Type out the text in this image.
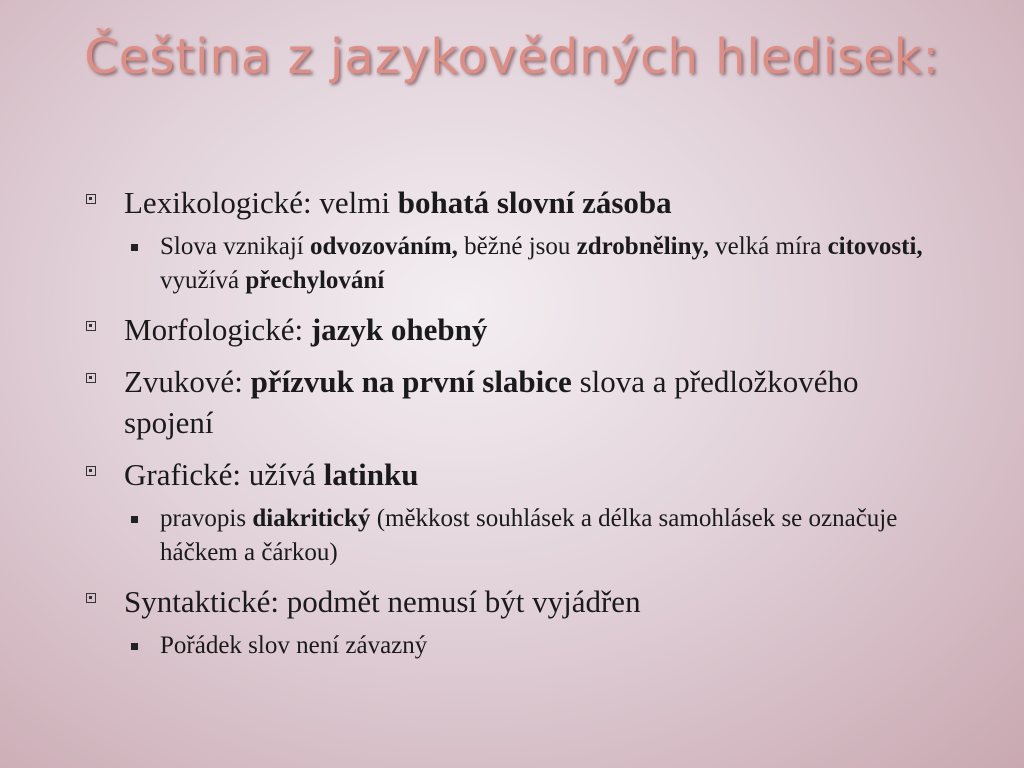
Čeština z jazykovědných hledisek:
Lexikologické: velmi bohatá slovní zásoba
Slova vznikají odvozováním, běžné jsou zdrobněliny, velká míra citovosti, využívá přechylování
Morfologické: jazyk ohebný
Zvukové: přízvuk na první slabice slova a předložkového spojení
Grafické: užívá latinku
pravopis diakritický (měkkost souhlásek a délka samohlásek se označuje háčkem a čárkou)
Syntaktické: podmět nemusí být vyjádřen
Pořádek slov není závazný
